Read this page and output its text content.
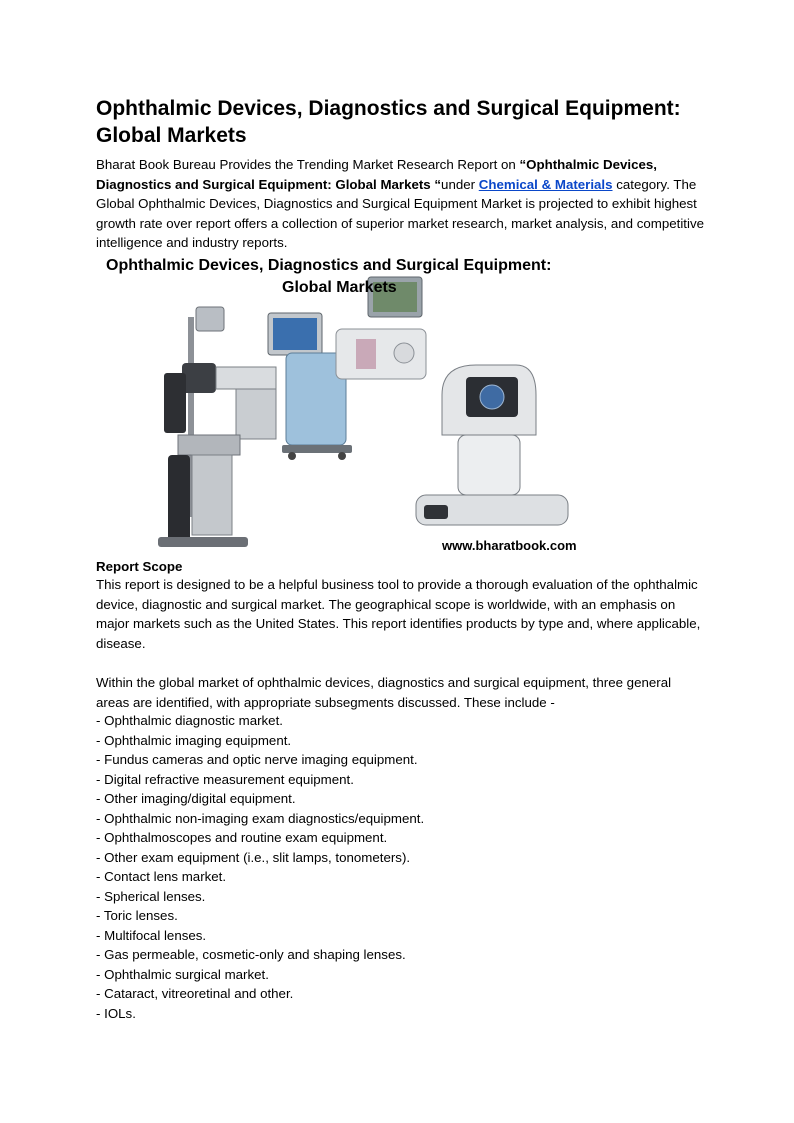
Ophthalmic Devices, Diagnostics and Surgical Equipment: Global Markets

Bharat Book Bureau Provides the Trending Market Research Report on “Ophthalmic Devices, Diagnostics and Surgical Equipment: Global Markets “under Chemical & Materials category. The Global Ophthalmic Devices, Diagnostics and Surgical Equipment Market is projected to exhibit highest growth rate over report offers a collection of superior market research, market analysis, and competitive intelligence and industry reports.

Ophthalmic Devices, Diagnostics and Surgical Equipment:
Global Markets
www.bharatbook.com
Report Scope

This report is designed to be a helpful business tool to provide a thorough evaluation of the ophthalmic device, diagnostic and surgical market. The geographical scope is worldwide, with an emphasis on major markets such as the United States. This report identifies products by type and, where applicable, disease.

Within the global market of ophthalmic devices, diagnostics and surgical equipment, three general areas are identified, with appropriate subsegments discussed. These include -

- Ophthalmic diagnostic market.
- Ophthalmic imaging equipment.
- Fundus cameras and optic nerve imaging equipment.
- Digital refractive measurement equipment.
- Other imaging/digital equipment.
- Ophthalmic non-imaging exam diagnostics/equipment.
- Ophthalmoscopes and routine exam equipment.
- Other exam equipment (i.e., slit lamps, tonometers).
- Contact lens market.
- Spherical lenses.
- Toric lenses.
- Multifocal lenses.
- Gas permeable, cosmetic-only and shaping lenses.
- Ophthalmic surgical market.
- Cataract, vitreoretinal and other.
- IOLs.
